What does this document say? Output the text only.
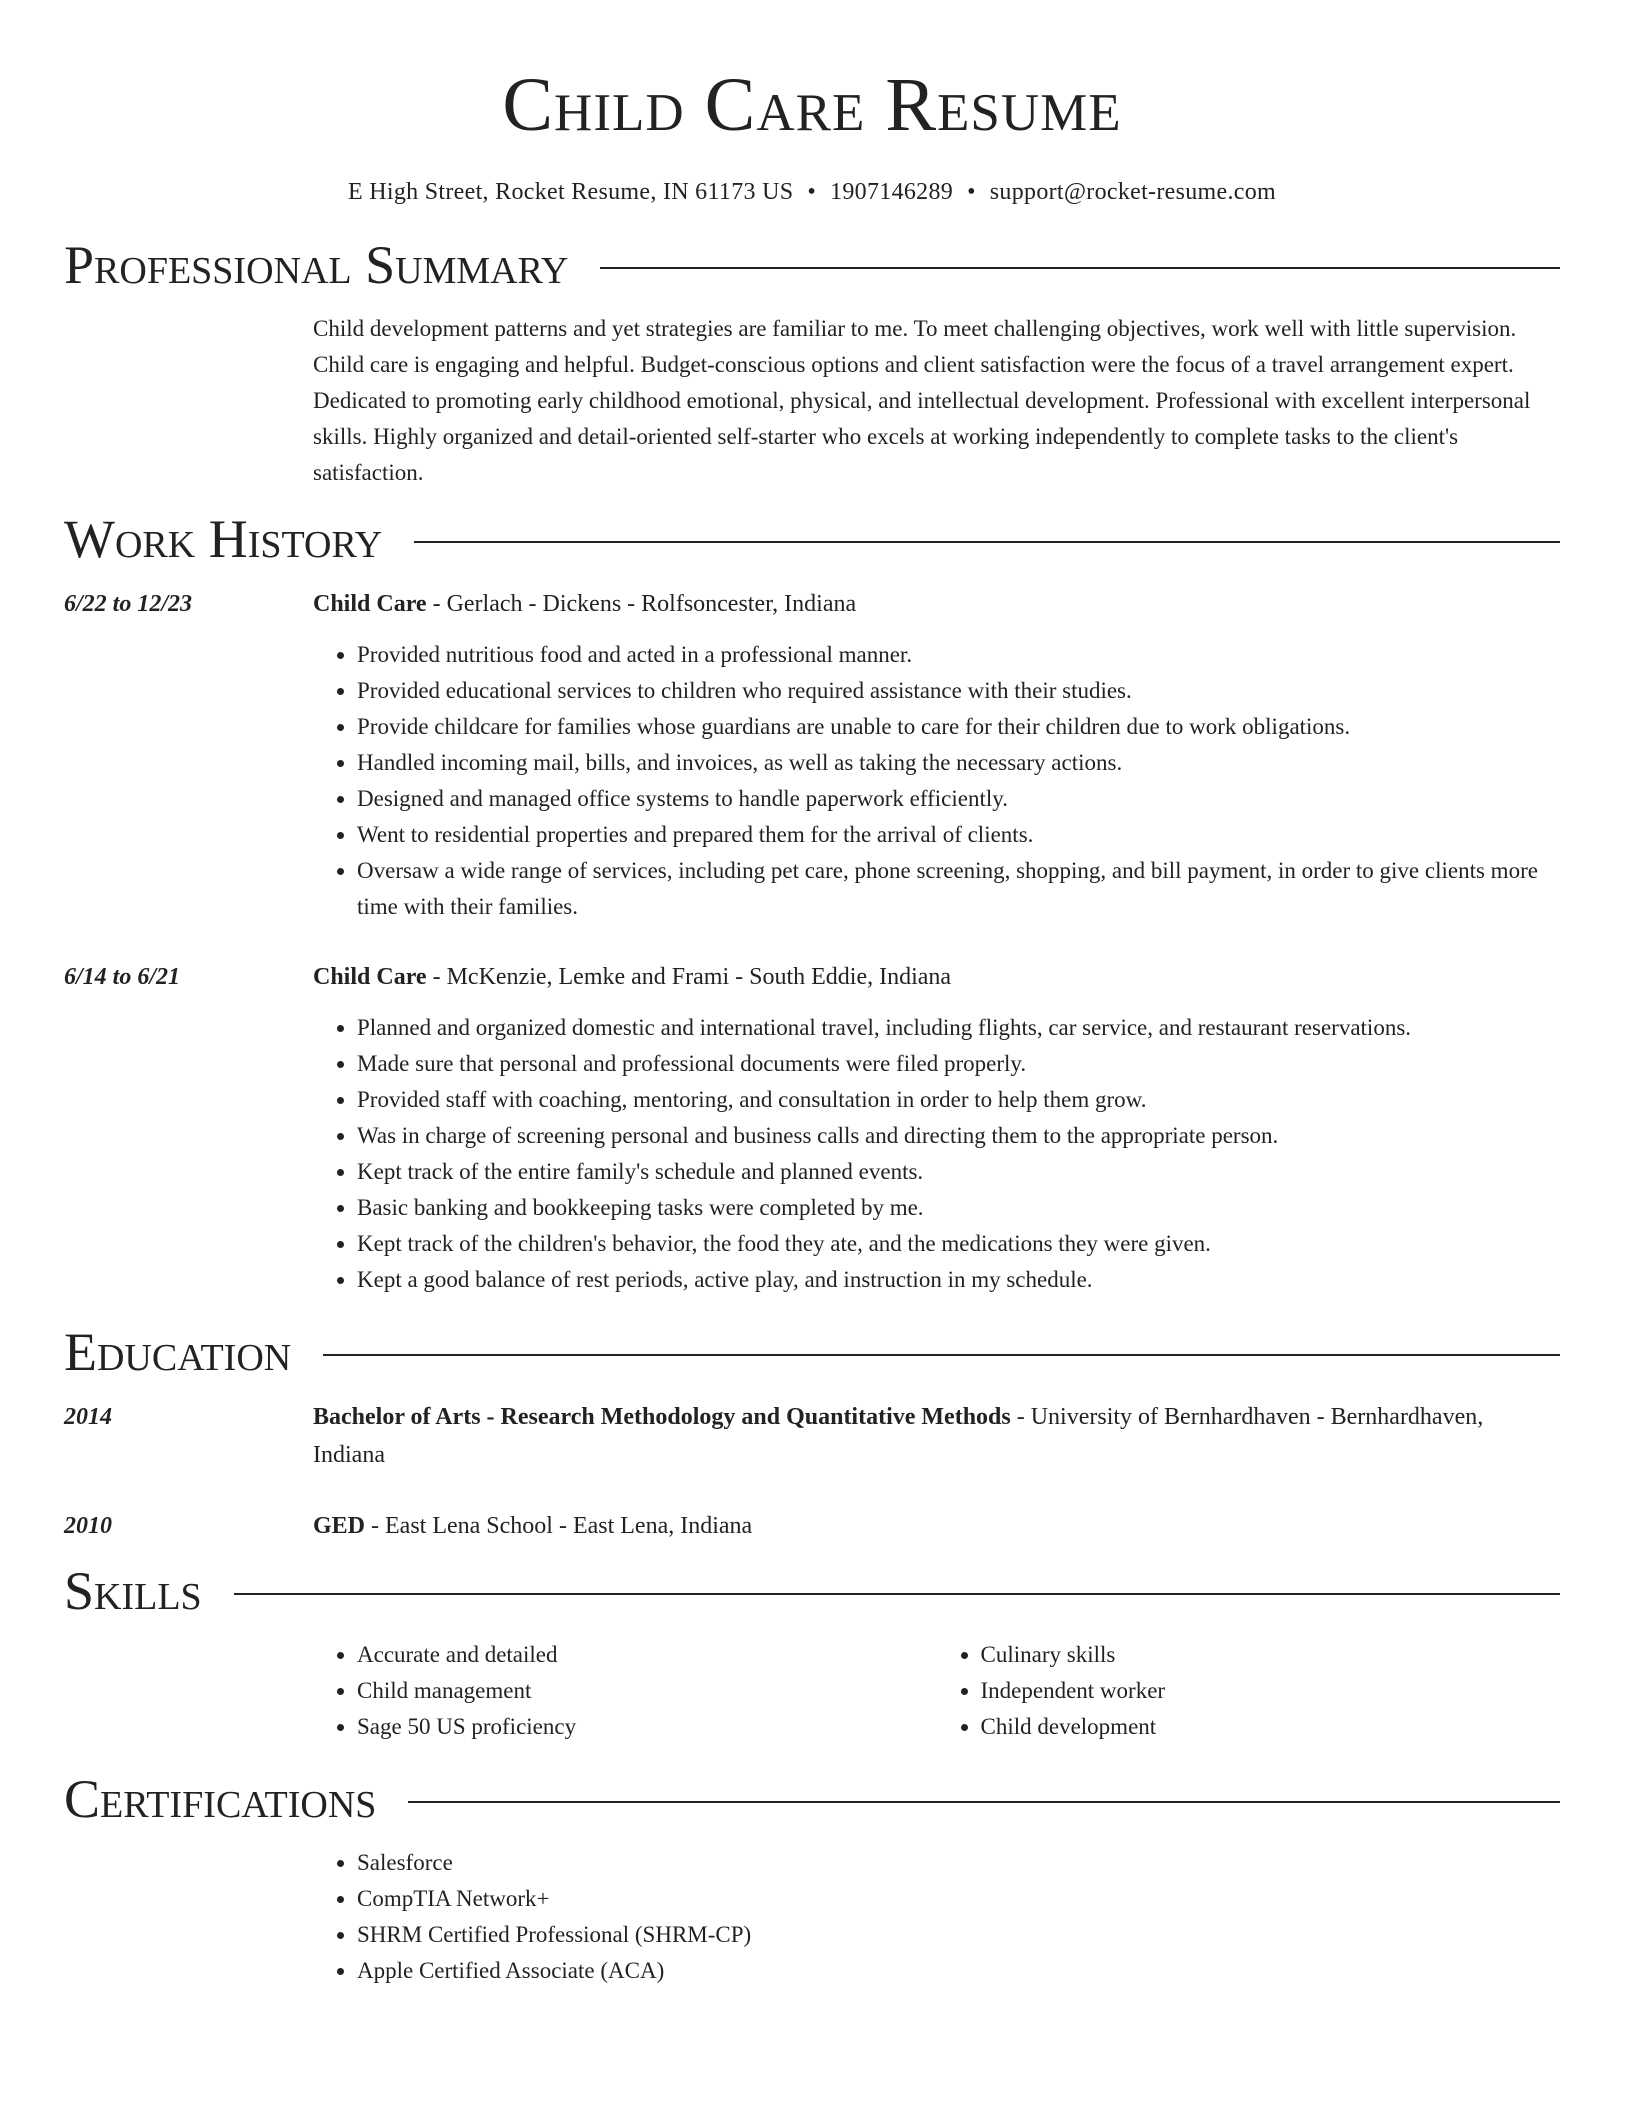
Child Care Resume
E High Street, Rocket Resume, IN 61173 US • 1907146289 • support@rocket-resume.com
Professional Summary
Child development patterns and yet strategies are familiar to me. To meet challenging objectives, work well with little supervision. Child care is engaging and helpful. Budget-conscious options and client satisfaction were the focus of a travel arrangement expert. Dedicated to promoting early childhood emotional, physical, and intellectual development. Professional with excellent interpersonal skills. Highly organized and detail-oriented self-starter who excels at working independently to complete tasks to the client's satisfaction.
Work History
6/22 to 12/23	Child Care - Gerlach - Dickens - Rolfsoncester, Indiana
• Provided nutritious food and acted in a professional manner.
• Provided educational services to children who required assistance with their studies.
• Provide childcare for families whose guardians are unable to care for their children due to work obligations.
• Handled incoming mail, bills, and invoices, as well as taking the necessary actions.
• Designed and managed office systems to handle paperwork efficiently.
• Went to residential properties and prepared them for the arrival of clients.
• Oversaw a wide range of services, including pet care, phone screening, shopping, and bill payment, in order to give clients more time with their families.
6/14 to 6/21	Child Care - McKenzie, Lemke and Frami - South Eddie, Indiana
• Planned and organized domestic and international travel, including flights, car service, and restaurant reservations.
• Made sure that personal and professional documents were filed properly.
• Provided staff with coaching, mentoring, and consultation in order to help them grow.
• Was in charge of screening personal and business calls and directing them to the appropriate person.
• Kept track of the entire family's schedule and planned events.
• Basic banking and bookkeeping tasks were completed by me.
• Kept track of the children's behavior, the food they ate, and the medications they were given.
• Kept a good balance of rest periods, active play, and instruction in my schedule.
Education
2014	Bachelor of Arts - Research Methodology and Quantitative Methods - University of Bernhardhaven - Bernhardhaven, Indiana
2010	GED - East Lena School - East Lena, Indiana
Skills
• Accurate and detailed
• Child management
• Sage 50 US proficiency
• Culinary skills
• Independent worker
• Child development
Certifications
• Salesforce
• CompTIA Network+
• SHRM Certified Professional (SHRM-CP)
• Apple Certified Associate (ACA)
